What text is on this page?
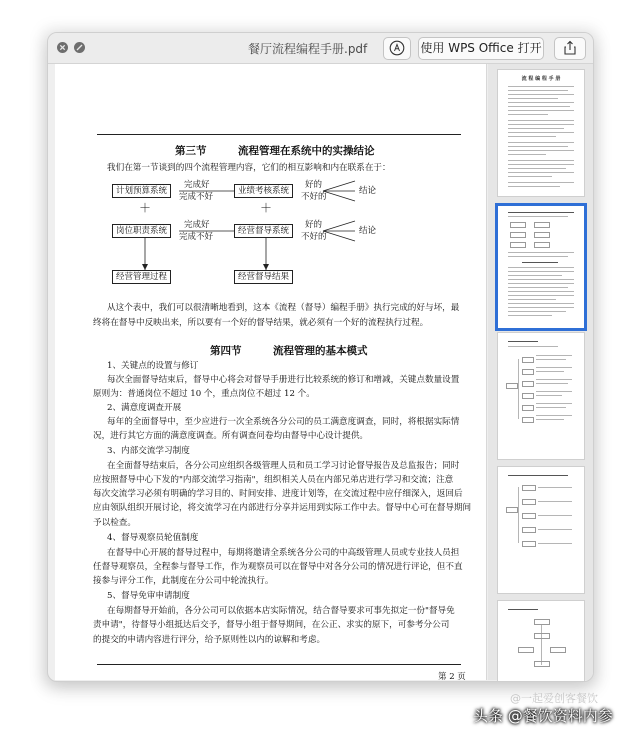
餐厅流程编程手册.pdf	使用 WPS Office 打开
第三节　　　流程管理在系统中的实操结论
我们在第一节谈到的四个流程管理内容，它们的相互影响和内在联系在于：
计划预算系统
完成好
完成不好
业绩考核系统
好的
不好的
结论
＋	＋
岗位职责系统
完成好
完成不好
经营督导系统
好的
不好的
结论
经营管理过程	经营督导结果
从这个表中，我们可以很清晰地看到，这本《流程（督导）编程手册》执行完成的好与坏，最
终将在督导中反映出来，所以要有一个好的督导结果，就必须有一个好的流程执行过程。
第四节　　　流程管理的基本模式
1、关键点的设置与修订
每次全面督导结束后，督导中心将会对督导手册进行比较系统的修订和增减，关键点数量设置
原则为：普通岗位不超过 10 个，重点岗位不超过 12 个。
2、满意度调查开展
每年的全面督导中，至少应进行一次全系统各分公司的员工满意度调查，同时，将根据实际情
况，进行其它方面的满意度调查。所有调查问卷均由督导中心设计提供。
3、内部交流学习制度
在全面督导结束后，各分公司应组织各级管理人员和员工学习讨论督导报告及总监报告；同时
应按照督导中心下发的"内部交流学习指南"，组织相关人员在内部兄弟店进行学习和交流；注意
每次交流学习必须有明确的学习目的、时间安排、进度计划等，在交流过程中应仔细深入，返回后
应由领队组织开展讨论，将交流学习在内部进行分享并运用到实际工作中去。督导中心可在督导期间
予以检查。
4、督导观察员轮值制度
在督导中心开展的督导过程中，每期将邀请全系统各分公司的中高级管理人员或专业技人员担
任督导观察员，全程参与督导工作，作为观察员可以在督导中对各分公司的情况进行评论，但不直
接参与评分工作，此制度在分公司中轮流执行。
5、督导免审申请制度
在每期督导开始前，各分公司可以依据本店实际情况，结合督导要求可事先拟定一份"督导免
责申请"，待督导小组抵达后交予，督导小组于督导期间，在公正、求实的原下，可参考分公司
的提交的申请内容进行评分，给予原则性以内的谅解和考虑。
第 2 页
流 程 编 程 手 册
@一起爱创客餐饮
头条 @餐饮资料内参
